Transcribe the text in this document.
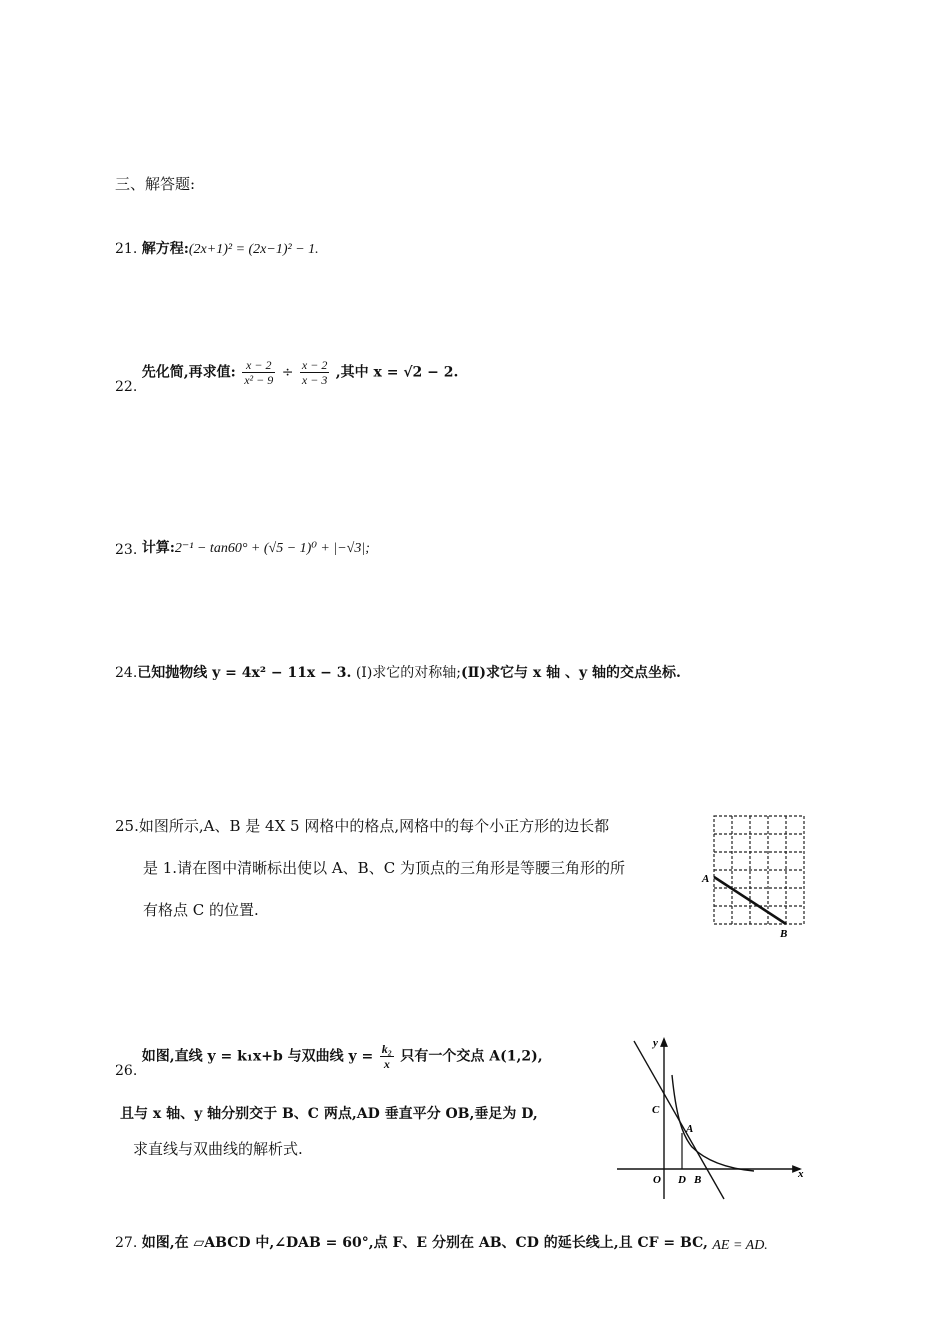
三、解答题:
21. 解方程:(2x+1)² = (2x−1)² − 1.
22. 先化简,再求值: $\frac{x - 2}{\text{x² − 9}} \div \frac{x - 2}{x - 3}$ ,其中 x = √2 − 2.
23. 计算:2⁻¹ − tan60° + (√5 − 1)⁰ + |−√3|;
24.已知抛物线 y = 4x² − 11x − 3. (I)求它的对称轴;(Ⅱ)求它与 x 轴 、y 轴的交点坐标.
25.如图所示,A、B 是 4X 5 网格中的格点,网格中的每个小正方形的边长都
是 1.请在图中清晰标出使以 A、B、C 为顶点的三角形是等腰三角形的所
有格点 C 的位置.
A
B
26. 如图,直线 y = k₁x+b 与双曲线 $y = \frac{\text{k₂}}{x}$ 只有一个交点 A(1,2),
且与 x 轴、y 轴分别交于 B、C 两点,AD 垂直平分 OB,垂足为 D,
求直线与双曲线的解析式.
y
x
C
A
O D B
27. 如图,在 ▱ABCD 中,∠DAB = 60°,点 F、E 分别在 AB、CD 的延长线上,且 CF = BC, AE = AD.
